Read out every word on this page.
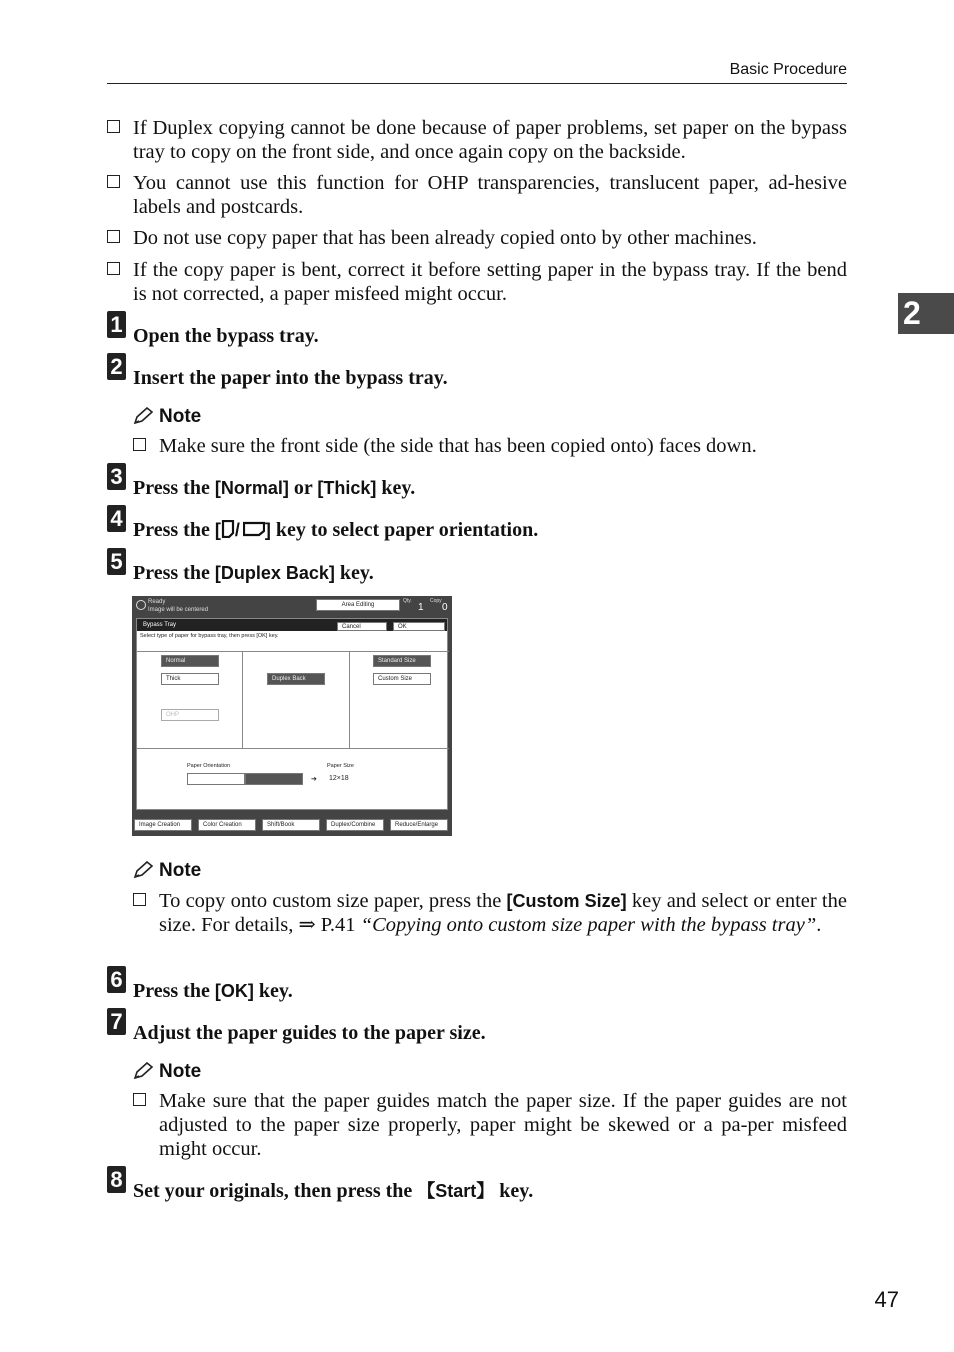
Basic Procedure
2
If Duplex copying cannot be done because of paper problems, set paper on the bypass tray to copy on the front side, and once again copy on the backside.
You cannot use this function for OHP transparencies, translucent paper, ad-hesive labels and postcards.
Do not use copy paper that has been already copied onto by other machines.
If the copy paper is bent, correct it before setting paper in the bypass tray. If the bend is not corrected, a paper misfeed might occur.
1 Open the bypass tray.
2 Insert the paper into the bypass tray.
Note
Make sure the front side (the side that has been copied onto) faces down.
3 Press the [Normal] or [Thick] key.
4 Press the [ / ] key to select paper orientation.
5 Press the [Duplex Back] key.
Ready
Image will be centered
Area Editing
Qty.
1
Copy
0
Bypass Tray	Cancel	OK
Select type of paper for bypass tray, then press [OK] key.
Normal
Thick
OHP
Duplex Back
Standard Size
Custom Size
Paper Orientation
➔
Paper Size
12×18
Image Creation	Color Creation	Shift/Book	Duplex/Combine	Reduce/Enlarge
Note
To copy onto custom size paper, press the [Custom Size] key and select or enter the size. For details, ⇒ P.41 “Copying onto custom size paper with the bypass tray”.
6 Press the [OK] key.
7 Adjust the paper guides to the paper size.
Note
Make sure that the paper guides match the paper size. If the paper guides are not adjusted to the paper size properly, paper might be skewed or a pa-per misfeed might occur.
8 Set your originals, then press the 【Start】 key.
47
